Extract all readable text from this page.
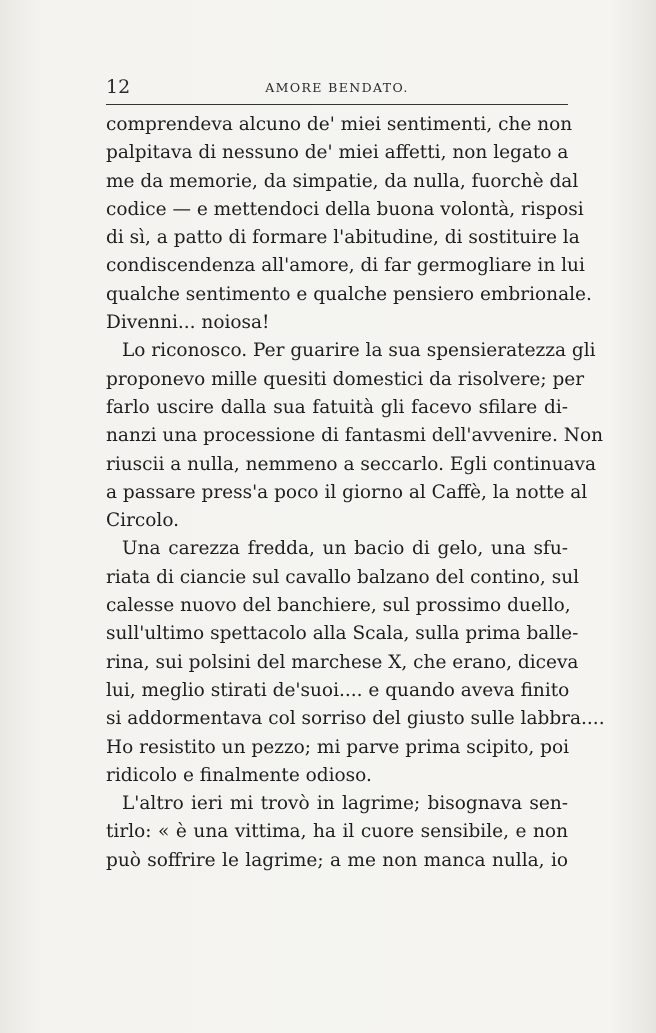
12	AMORE BENDATO.
comprendeva alcuno de' miei sentimenti, che non
palpitava di nessuno de' miei affetti, non legato a
me da memorie, da simpatie, da nulla, fuorchè dal
codice — e mettendoci della buona volontà, risposi
di sì, a patto di formare l'abitudine, di sostituire la
condiscendenza all'amore, di far germogliare in lui
qualche sentimento e qualche pensiero embrionale.
Divenni... noiosa!
Lo riconosco. Per guarire la sua spensieratezza gli
proponevo mille quesiti domestici da risolvere; per
farlo uscire dalla sua fatuità gli facevo sfilare di-
nanzi una processione di fantasmi dell'avvenire. Non
riuscii a nulla, nemmeno a seccarlo. Egli continuava
a passare press'a poco il giorno al Caffè, la notte al
Circolo.
Una carezza fredda, un bacio di gelo, una sfu-
riata di ciancie sul cavallo balzano del contino, sul
calesse nuovo del banchiere, sul prossimo duello,
sull'ultimo spettacolo alla Scala, sulla prima balle-
rina, sui polsini del marchese X, che erano, diceva
lui, meglio stirati de'suoi.... e quando aveva finito
si addormentava col sorriso del giusto sulle labbra....
Ho resistito un pezzo; mi parve prima scipito, poi
ridicolo e finalmente odioso.
L'altro ieri mi trovò in lagrime; bisognava sen-
tirlo: « è una vittima, ha il cuore sensibile, e non
può soffrire le lagrime; a me non manca nulla, io
